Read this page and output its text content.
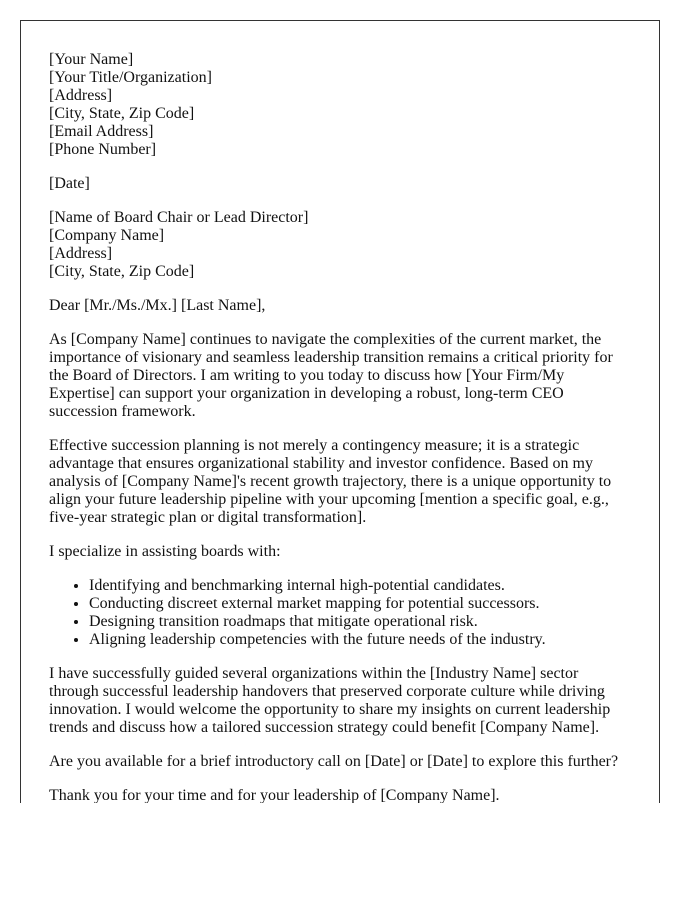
[Your Name]
[Your Title/Organization]
[Address]
[City, State, Zip Code]
[Email Address]
[Phone Number]

[Date]

[Name of Board Chair or Lead Director]
[Company Name]
[Address]
[City, State, Zip Code]

Dear [Mr./Ms./Mx.] [Last Name],

As [Company Name] continues to navigate the complexities of the current market, the importance of visionary and seamless leadership transition remains a critical priority for the Board of Directors. I am writing to you today to discuss how [Your Firm/My Expertise] can support your organization in developing a robust, long-term CEO succession framework.

Effective succession planning is not merely a contingency measure; it is a strategic advantage that ensures organizational stability and investor confidence. Based on my analysis of [Company Name]'s recent growth trajectory, there is a unique opportunity to align your future leadership pipeline with your upcoming [mention a specific goal, e.g., five-year strategic plan or digital transformation].

I specialize in assisting boards with:

• Identifying and benchmarking internal high-potential candidates.
• Conducting discreet external market mapping for potential successors.
• Designing transition roadmaps that mitigate operational risk.
• Aligning leadership competencies with the future needs of the industry.

I have successfully guided several organizations within the [Industry Name] sector through successful leadership handovers that preserved corporate culture while driving innovation. I would welcome the opportunity to share my insights on current leadership trends and discuss how a tailored succession strategy could benefit [Company Name].

Are you available for a brief introductory call on [Date] or [Date] to explore this further?

Thank you for your time and for your leadership of [Company Name].
